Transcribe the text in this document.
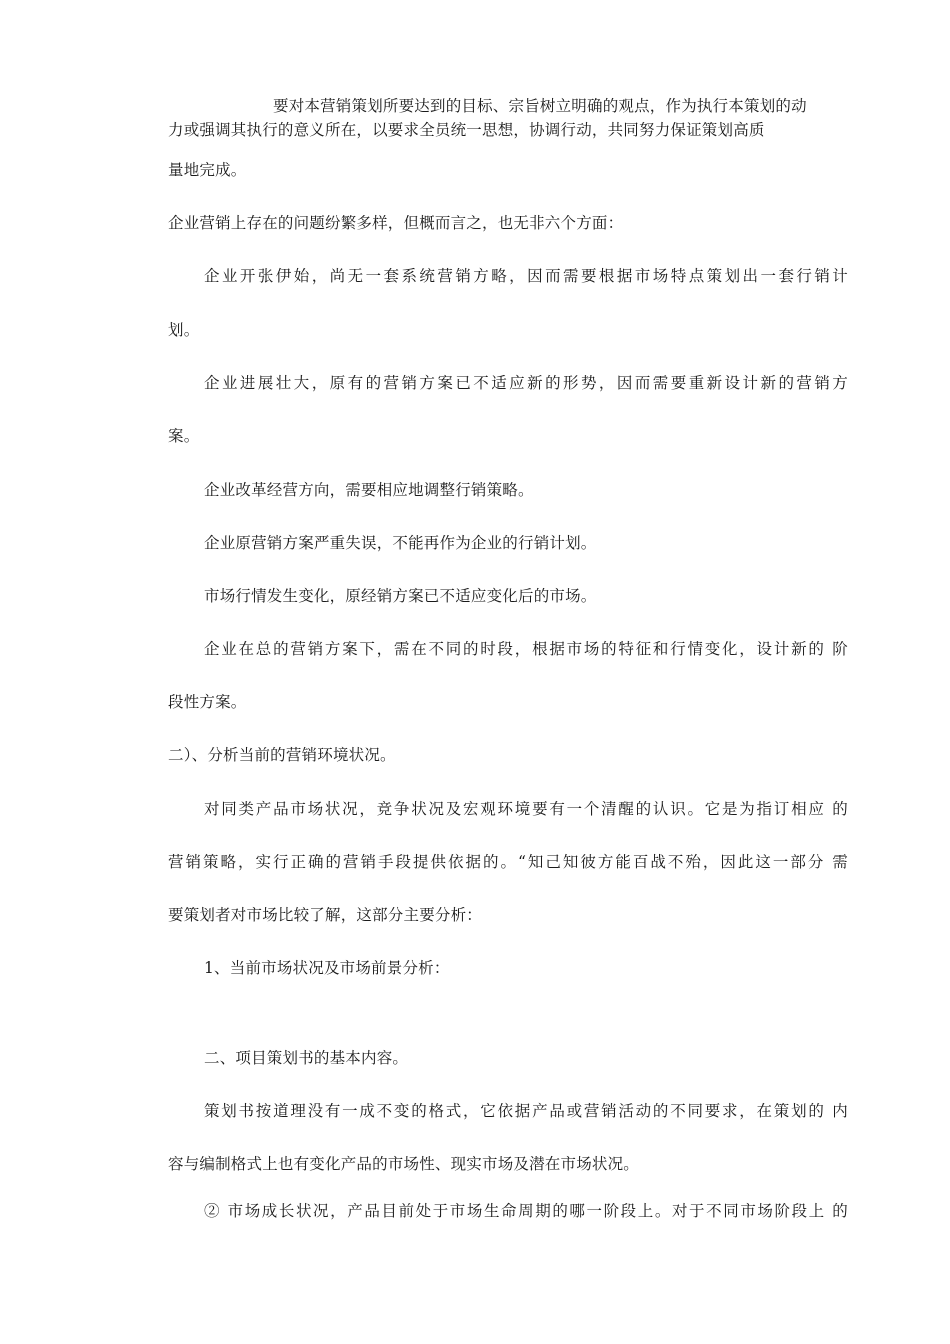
要对本营销策划所要达到的目标、宗旨树立明确的观点，作为执行本策划的动
力或强调其执行的意义所在，以要求全员统一思想，协调行动，共同努力保证策划高质
量地完成。
企业营销上存在的问题纷繁多样，但概而言之，也无非六个方面：
企业开张伊始，尚无一套系统营销方略，因而需要根据市场特点策划出一套行销计
划。
企业进展壮大，原有的营销方案已不适应新的形势，因而需要重新设计新的营销方
案。
企业改革经营方向，需要相应地调整行销策略。
企业原营销方案严重失误，不能再作为企业的行销计划。
市场行情发生变化，原经销方案已不适应变化后的市场。
企业在总的营销方案下，需在不同的时段，根据市场的特征和行情变化，设计新的 阶
段性方案。
二）、分析当前的营销环境状况。
对同类产品市场状况，竞争状况及宏观环境要有一个清醒的认识。它是为指订相应 的
营销策略，实行正确的营销手段提供依据的。“知己知彼方能百战不殆，因此这一部分 需
要策划者对市场比较了解，这部分主要分析：
1、当前市场状况及市场前景分析：
二、项目策划书的基本内容。
策划书按道理没有一成不变的格式，它依据产品或营销活动的不同要求，在策划的 内
容与编制格式上也有变化产品的市场性、现实市场及潜在市场状况。
② 市场成长状况，产品目前处于市场生命周期的哪一阶段上。对于不同市场阶段上 的
